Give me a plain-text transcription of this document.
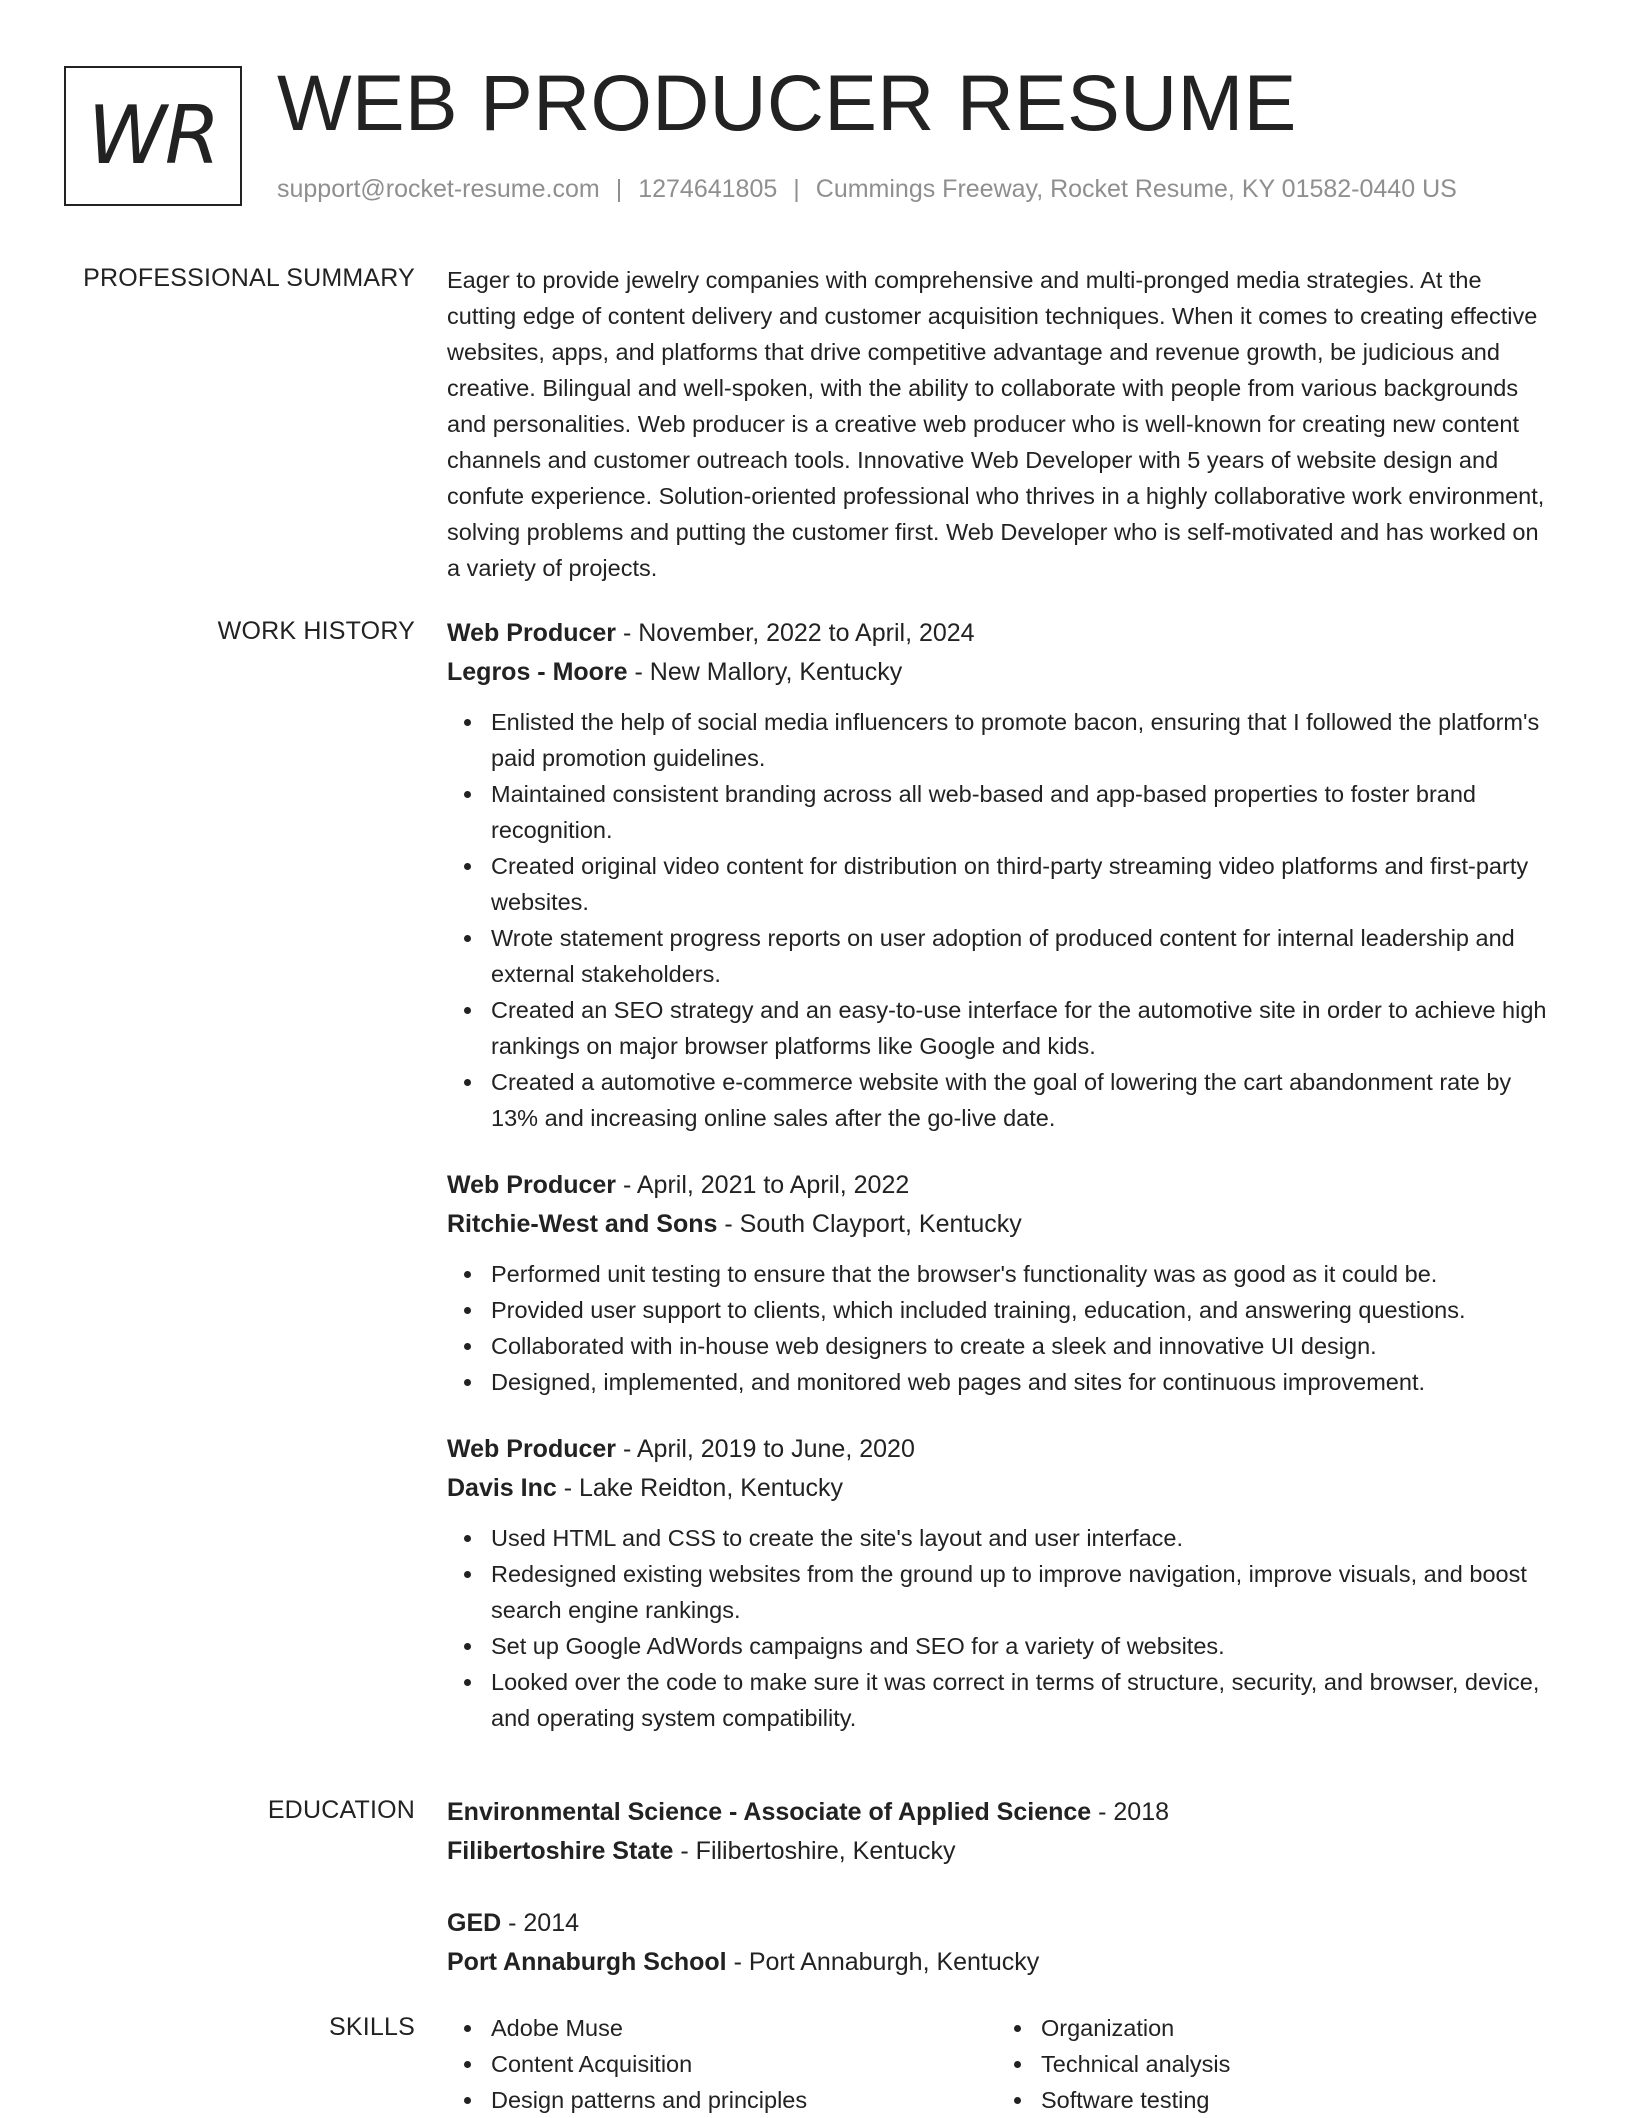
WR WEB PRODUCER RESUME
support@rocket-resume.com | 1274641805 | Cummings Freeway, Rocket Resume, KY 01582-0440 US
PROFESSIONAL SUMMARY Eager to provide jewelry companies with comprehensive and multi-pronged media strategies. At the cutting edge of content delivery and customer acquisition techniques. When it comes to creating effective websites, apps, and platforms that drive competitive advantage and revenue growth, be judicious and creative. Bilingual and well-spoken, with the ability to collaborate with people from various backgrounds and personalities. Web producer is a creative web producer who is well-known for creating new content channels and customer outreach tools. Innovative Web Developer with 5 years of website design and confute experience. Solution-oriented professional who thrives in a highly collaborative work environment, solving problems and putting the customer first. Web Developer who is self-motivated and has worked on a variety of projects.

WORK HISTORY Web Producer - November, 2022 to April, 2024
Legros - Moore - New Mallory, Kentucky
Enlisted the help of social media influencers to promote bacon, ensuring that I followed the platform's paid promotion guidelines.
Maintained consistent branding across all web-based and app-based properties to foster brand recognition.
Created original video content for distribution on third-party streaming video platforms and first-party websites.
Wrote statement progress reports on user adoption of produced content for internal leadership and external stakeholders.
Created an SEO strategy and an easy-to-use interface for the automotive site in order to achieve high rankings on major browser platforms like Google and kids.
Created a automotive e-commerce website with the goal of lowering the cart abandonment rate by 13% and increasing online sales after the go-live date.
Web Producer - April, 2021 to April, 2022
Ritchie-West and Sons - South Clayport, Kentucky
Performed unit testing to ensure that the browser's functionality was as good as it could be.
Provided user support to clients, which included training, education, and answering questions.
Collaborated with in-house web designers to create a sleek and innovative UI design.
Designed, implemented, and monitored web pages and sites for continuous improvement.
Web Producer - April, 2019 to June, 2020
Davis Inc - Lake Reidton, Kentucky
Used HTML and CSS to create the site's layout and user interface.
Redesigned existing websites from the ground up to improve navigation, improve visuals, and boost search engine rankings.
Set up Google AdWords campaigns and SEO for a variety of websites.
Looked over the code to make sure it was correct in terms of structure, security, and browser, device, and operating system compatibility.
EDUCATION Environmental Science - Associate of Applied Science - 2018
Filibertoshire State - Filibertoshire, Kentucky
GED - 2014
Port Annaburgh School - Port Annaburgh, Kentucky
SKILLS	Adobe Muse
Content Acquisition
Design patterns and principles
Organization
Technical analysis
Software testing
